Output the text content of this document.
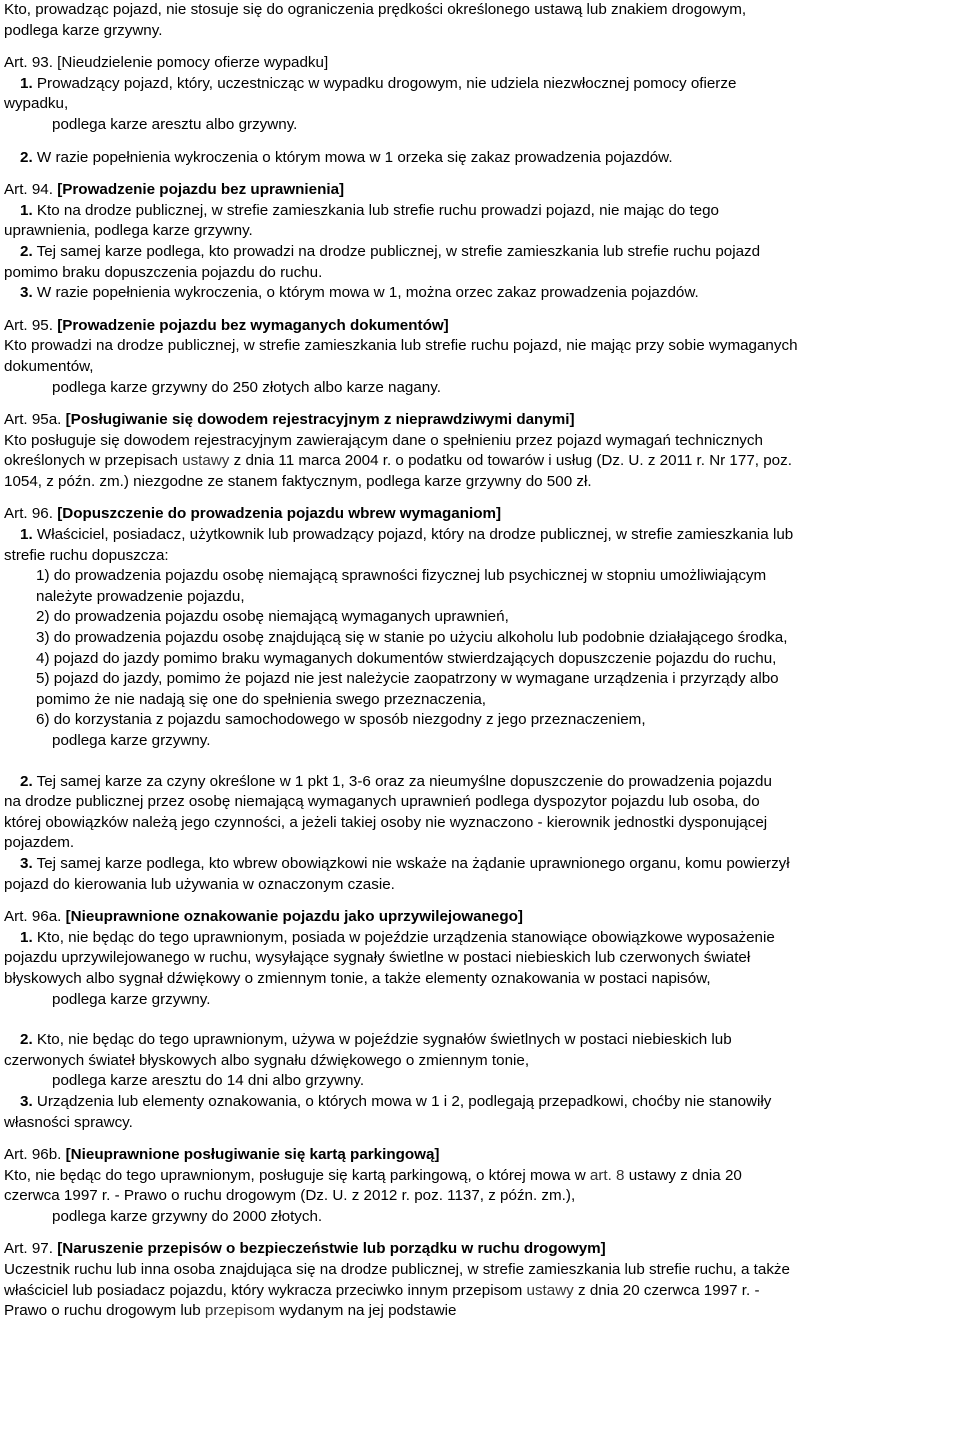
Kto, prowadząc pojazd, nie stosuje się do ograniczenia prędkości określonego ustawą lub znakiem drogowym,
podlega karze grzywny.
Art. 93. [Nieudzielenie pomocy ofierze wypadku]
1. Prowadzący pojazd, który, uczestnicząc w wypadku drogowym, nie udziela niezwłocznej pomocy ofierze
wypadku,
podlega karze aresztu albo grzywny.
2. W razie popełnienia wykroczenia o którym mowa w 1 orzeka się zakaz prowadzenia pojazdów.
Art. 94. [Prowadzenie pojazdu bez uprawnienia]
1. Kto na drodze publicznej, w strefie zamieszkania lub strefie ruchu prowadzi pojazd, nie mając do tego
uprawnienia, podlega karze grzywny.
2. Tej samej karze podlega, kto prowadzi na drodze publicznej, w strefie zamieszkania lub strefie ruchu pojazd
pomimo braku dopuszczenia pojazdu do ruchu.
3. W razie popełnienia wykroczenia, o którym mowa w 1, można orzec zakaz prowadzenia pojazdów.
Art. 95. [Prowadzenie pojazdu bez wymaganych dokumentów]
Kto prowadzi na drodze publicznej, w strefie zamieszkania lub strefie ruchu pojazd, nie mając przy sobie wymaganych
dokumentów,
podlega karze grzywny do 250 złotych albo karze nagany.
Art. 95a. [Posługiwanie się dowodem rejestracyjnym z nieprawdziwymi danymi]
Kto posługuje się dowodem rejestracyjnym zawierającym dane o spełnieniu przez pojazd wymagań technicznych
określonych w przepisach ustawy z dnia 11 marca 2004 r. o podatku od towarów i usług (Dz. U. z 2011 r. Nr 177, poz.
1054, z późn. zm.) niezgodne ze stanem faktycznym, podlega karze grzywny do 500 zł.
Art. 96. [Dopuszczenie do prowadzenia pojazdu wbrew wymaganiom]
1. Właściciel, posiadacz, użytkownik lub prowadzący pojazd, który na drodze publicznej, w strefie zamieszkania lub
strefie ruchu dopuszcza:
1) do prowadzenia pojazdu osobę niemającą sprawności fizycznej lub psychicznej w stopniu umożliwiającym
należyte prowadzenie pojazdu,
2) do prowadzenia pojazdu osobę niemającą wymaganych uprawnień,
3) do prowadzenia pojazdu osobę znajdującą się w stanie po użyciu alkoholu lub podobnie działającego środka,
4) pojazd do jazdy pomimo braku wymaganych dokumentów stwierdzających dopuszczenie pojazdu do ruchu,
5) pojazd do jazdy, pomimo że pojazd nie jest należycie zaopatrzony w wymagane urządzenia i przyrządy albo
pomimo że nie nadają się one do spełnienia swego przeznaczenia,
6) do korzystania z pojazdu samochodowego w sposób niezgodny z jego przeznaczeniem,
podlega karze grzywny.
2. Tej samej karze za czyny określone w 1 pkt 1, 3-6 oraz za nieumyślne dopuszczenie do prowadzenia pojazdu
na drodze publicznej przez osobę niemającą wymaganych uprawnień podlega dyspozytor pojazdu lub osoba, do
której obowiązków należą jego czynności, a jeżeli takiej osoby nie wyznaczono - kierownik jednostki dysponującej
pojazdem.
3. Tej samej karze podlega, kto wbrew obowiązkowi nie wskaże na żądanie uprawnionego organu, komu powierzył
pojazd do kierowania lub używania w oznaczonym czasie.
Art. 96a. [Nieuprawnione oznakowanie pojazdu jako uprzywilejowanego]
1. Kto, nie będąc do tego uprawnionym, posiada w pojeździe urządzenia stanowiące obowiązkowe wyposażenie
pojazdu uprzywilejowanego w ruchu, wysyłające sygnały świetlne w postaci niebieskich lub czerwonych świateł
błyskowych albo sygnał dźwiękowy o zmiennym tonie, a także elementy oznakowania w postaci napisów,
podlega karze grzywny.
2. Kto, nie będąc do tego uprawnionym, używa w pojeździe sygnałów świetlnych w postaci niebieskich lub
czerwonych świateł błyskowych albo sygnału dźwiękowego o zmiennym tonie,
podlega karze aresztu do 14 dni albo grzywny.
3. Urządzenia lub elementy oznakowania, o których mowa w 1 i 2, podlegają przepadkowi, choćby nie stanowiły
własności sprawcy.
Art. 96b. [Nieuprawnione posługiwanie się kartą parkingową]
Kto, nie będąc do tego uprawnionym, posługuje się kartą parkingową, o której mowa w art. 8 ustawy z dnia 20
czerwca 1997 r. - Prawo o ruchu drogowym (Dz. U. z 2012 r. poz. 1137, z późn. zm.),
podlega karze grzywny do 2000 złotych.
Art. 97. [Naruszenie przepisów o bezpieczeństwie lub porządku w ruchu drogowym]
Uczestnik ruchu lub inna osoba znajdująca się na drodze publicznej, w strefie zamieszkania lub strefie ruchu, a także
właściciel lub posiadacz pojazdu, który wykracza przeciwko innym przepisom ustawy z dnia 20 czerwca 1997 r. -
Prawo o ruchu drogowym lub przepisom wydanym na jej podstawie
